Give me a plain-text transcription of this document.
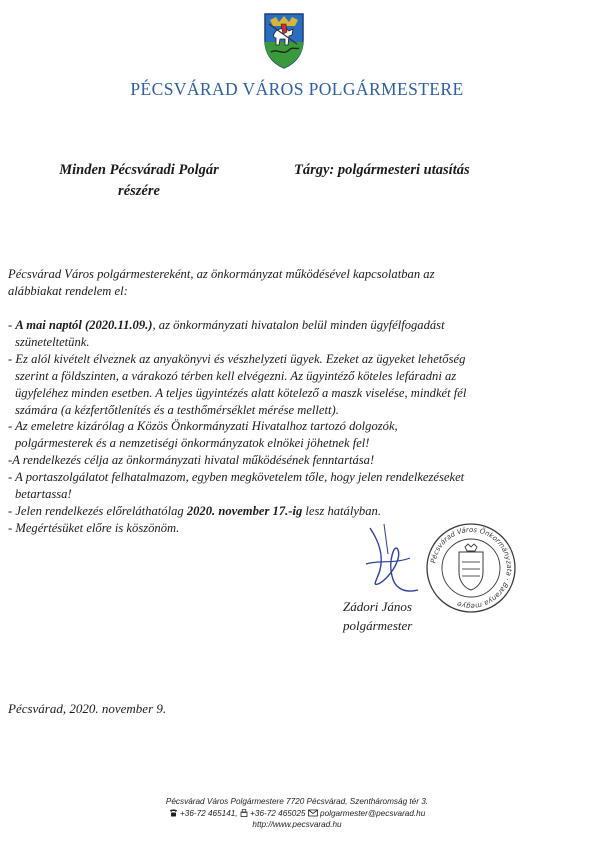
PÉCSVÁRAD VÁROS POLGÁRMESTERE
Minden Pécsváradi Polgár
részére
Tárgy: polgármesteri utasítás
Pécsvárad Város polgármestereként, az önkormányzat működésével kapcsolatban az
alábbiakat rendelem el:
- A mai naptól (2020.11.09.), az önkormányzati hivatalon belül minden ügyfélfogadást
szüneteltetünk.
- Ez alól kivételt élveznek az anyakönyvi és vészhelyzeti ügyek. Ezeket az ügyeket lehetőség
szerint a földszinten, a várakozó térben kell elvégezni. Az ügyintéző köteles lefáradni az
ügyfeléhez minden esetben. A teljes ügyintézés alatt kötelező a maszk viselése, mindkét fél
számára (a kézfertőtlenítés és a testhőmérséklet mérése mellett).
- Az emeletre kizárólag a Közös Önkormányzati Hivatalhoz tartozó dolgozók,
polgármesterek és a nemzetiségi önkormányzatok elnökei jöhetnek fel!
-A rendelkezés célja az önkormányzati hivatal működésének fenntartása!
- A portaszolgálatot felhatalmazom, egyben megkövetelem tőle, hogy jelen rendelkezéseket
betartassa!
- Jelen rendelkezés előreláthatólag 2020. november 17.-ig lesz hatályban.
- Megértésüket előre is köszönöm.
Pécsvárad Város Önkormányzata · Baranya megye
Zádori János
polgármester
Pécsvárad, 2020. november 9.
Pécsvárad Város Polgármestere 7720 Pécsvárad, Szentháromság tér 3.
+36-72 465141, +36-72 465025 polgarmester@pecsvarad.hu
http://www.pecsvarad.hu
